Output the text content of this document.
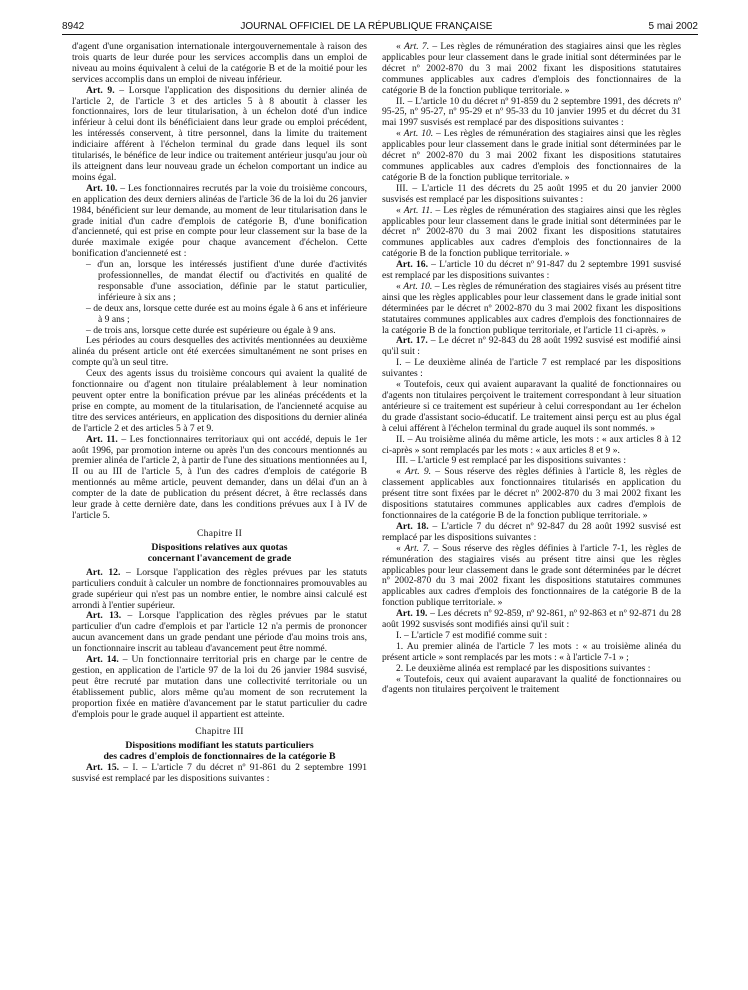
8942	JOURNAL OFFICIEL DE LA RÉPUBLIQUE FRANÇAISE	5 mai 2002

d'agent d'une organisation internationale intergouvernementale à raison des trois quarts de leur durée pour les services accomplis dans un emploi de niveau au moins équivalent à celui de la catégorie B et de la moitié pour les services accomplis dans un emploi de niveau inférieur.

Art. 9. – Lorsque l'application des dispositions du dernier alinéa de l'article 2, de l'article 3 et des articles 5 à 8 aboutit à classer les fonctionnaires, lors de leur titularisation, à un échelon doté d'un indice inférieur à celui dont ils bénéficiaient dans leur grade ou emploi précédent, les intéressés conservent, à titre personnel, dans la limite du traitement indiciaire afférent à l'échelon terminal du grade dans lequel ils sont titularisés, le bénéfice de leur indice ou traitement antérieur jusqu'au jour où ils atteignent dans leur nouveau grade un échelon comportant un indice au moins égal.

Art. 10. – Les fonctionnaires recrutés par la voie du troisième concours, en application des deux derniers alinéas de l'article 36 de la loi du 26 janvier 1984, bénéficient sur leur demande, au moment de leur titularisation dans le grade initial d'un cadre d'emplois de catégorie B, d'une bonification d'ancienneté, qui est prise en compte pour leur classement sur la base de la durée maximale exigée pour chaque avancement d'échelon. Cette bonification d'ancienneté est :

– d'un an, lorsque les intéressés justifient d'une durée d'activités professionnelles, de mandat électif ou d'activités en qualité de responsable d'une association, définie par le statut particulier, inférieure à six ans ;

– de deux ans, lorsque cette durée est au moins égale à 6 ans et inférieure à 9 ans ;

– de trois ans, lorsque cette durée est supérieure ou égale à 9 ans.

Les périodes au cours desquelles des activités mentionnées au deuxième alinéa du présent article ont été exercées simultanément ne sont prises en compte qu'à un seul titre.

Ceux des agents issus du troisième concours qui avaient la qualité de fonctionnaire ou d'agent non titulaire préalablement à leur nomination peuvent opter entre la bonification prévue par les alinéas précédents et la prise en compte, au moment de la titularisation, de l'ancienneté acquise au titre des services antérieurs, en application des dispositions du dernier alinéa de l'article 2 et des articles 5 à 7 et 9.

Art. 11. – Les fonctionnaires territoriaux qui ont accédé, depuis le 1er août 1996, par promotion interne ou après l'un des concours mentionnés au premier alinéa de l'article 2, à partir de l'une des situations mentionnées au I, II ou au III de l'article 5, à l'un des cadres d'emplois de catégorie B mentionnés au même article, peuvent demander, dans un délai d'un an à compter de la date de publication du présent décret, à être reclassés dans leur grade à cette dernière date, dans les conditions prévues aux I à IV de l'article 5.

Chapitre II
Dispositions relatives aux quotas
concernant l'avancement de grade

Art. 12. – Lorsque l'application des règles prévues par les statuts particuliers conduit à calculer un nombre de fonctionnaires promouvables au grade supérieur qui n'est pas un nombre entier, le nombre ainsi calculé est arrondi à l'entier supérieur.

Art. 13. – Lorsque l'application des règles prévues par le statut particulier d'un cadre d'emplois et par l'article 12 n'a permis de prononcer aucun avancement dans un grade pendant une période d'au moins trois ans, un fonctionnaire inscrit au tableau d'avancement peut être nommé.

Art. 14. – Un fonctionnaire territorial pris en charge par le centre de gestion, en application de l'article 97 de la loi du 26 janvier 1984 susvisé, peut être recruté par mutation dans une collectivité territoriale ou un établissement public, alors même qu'au moment de son recrutement la proportion fixée en matière d'avancement par le statut particulier du cadre d'emplois pour le grade auquel il appartient est atteinte.

Chapitre III
Dispositions modifiant les statuts particuliers
des cadres d'emplois de fonctionnaires de la catégorie B

Art. 15. – I. – L'article 7 du décret nº 91-861 du 2 septembre 1991 susvisé est remplacé par les dispositions suivantes :

« Art. 7. – Les règles de rémunération des stagiaires ainsi que les règles applicables pour leur classement dans le grade initial sont déterminées par le décret nº 2002-870 du 3 mai 2002 fixant les dispositions statutaires communes applicables aux cadres d'emplois des fonctionnaires de la catégorie B de la fonction publique territoriale. »

II. – L'article 10 du décret nº 91-859 du 2 septembre 1991, des décrets nº 95-25, nº 95-27, nº 95-29 et nº 95-33 du 10 janvier 1995 et du décret du 31 mai 1997 susvisés est remplacé par des dispositions suivantes :

« Art. 10. – Les règles de rémunération des stagiaires ainsi que les règles applicables pour leur classement dans le grade initial sont déterminées par le décret nº 2002-870 du 3 mai 2002 fixant les dispositions statutaires communes applicables aux cadres d'emplois des fonctionnaires de la catégorie B de la fonction publique territoriale. »

III. – L'article 11 des décrets du 25 août 1995 et du 20 janvier 2000 susvisés est remplacé par les dispositions suivantes :

« Art. 11. – Les règles de rémunération des stagiaires ainsi que les règles applicables pour leur classement dans le grade initial sont déterminées par le décret nº 2002-870 du 3 mai 2002 fixant les dispositions statutaires communes applicables aux cadres d'emplois des fonctionnaires de la catégorie B de la fonction publique territoriale. »

Art. 16. – L'article 10 du décret nº 91-847 du 2 septembre 1991 susvisé est remplacé par les dispositions suivantes :

« Art. 10. – Les règles de rémunération des stagiaires visés au présent titre ainsi que les règles applicables pour leur classement dans le grade initial sont déterminées par le décret nº 2002-870 du 3 mai 2002 fixant les dispositions statutaires communes applicables aux cadres d'emplois des fonctionnaires de la catégorie B de la fonction publique territoriale, et l'article 11 ci-après. »

Art. 17. – Le décret nº 92-843 du 28 août 1992 susvisé est modifié ainsi qu'il suit :

I. – Le deuxième alinéa de l'article 7 est remplacé par les dispositions suivantes :

« Toutefois, ceux qui avaient auparavant la qualité de fonctionnaires ou d'agents non titulaires perçoivent le traitement correspondant à leur situation antérieure si ce traitement est supérieur à celui correspondant au 1er échelon du grade d'assistant socio-éducatif. Le traitement ainsi perçu est au plus égal à celui afférent à l'échelon terminal du grade auquel ils sont nommés. »

II. – Au troisième alinéa du même article, les mots : « aux articles 8 à 12 ci-après » sont remplacés par les mots : « aux articles 8 et 9 ».

III. – L'article 9 est remplacé par les dispositions suivantes :

« Art. 9. – Sous réserve des règles définies à l'article 8, les règles de classement applicables aux fonctionnaires titularisés en application du présent titre sont fixées par le décret nº 2002-870 du 3 mai 2002 fixant les dispositions statutaires communes applicables aux cadres d'emplois de fonctionnaires de la catégorie B de la fonction publique territoriale. »

Art. 18. – L'article 7 du décret nº 92-847 du 28 août 1992 susvisé est remplacé par les dispositions suivantes :

« Art. 7. – Sous réserve des règles définies à l'article 7-1, les règles de rémunération des stagiaires visés au présent titre ainsi que les règles applicables pour leur classement dans le grade sont déterminées par le décret nº 2002-870 du 3 mai 2002 fixant les dispositions statutaires communes applicables aux cadres d'emplois des fonctionnaires de la catégorie B de la fonction publique territoriale. »

Art. 19. – Les décrets nº 92-859, nº 92-861, nº 92-863 et nº 92-871 du 28 août 1992 susvisés sont modifiés ainsi qu'il suit :

I. – L'article 7 est modifié comme suit :

1. Au premier alinéa de l'article 7 les mots : « au troisième alinéa du présent article » sont remplacés par les mots : « à l'article 7-1 » ;

2. Le deuxième alinéa est remplacé par les dispositions suivantes :

« Toutefois, ceux qui avaient auparavant la qualité de fonctionnaires ou d'agents non titulaires perçoivent le traitement
